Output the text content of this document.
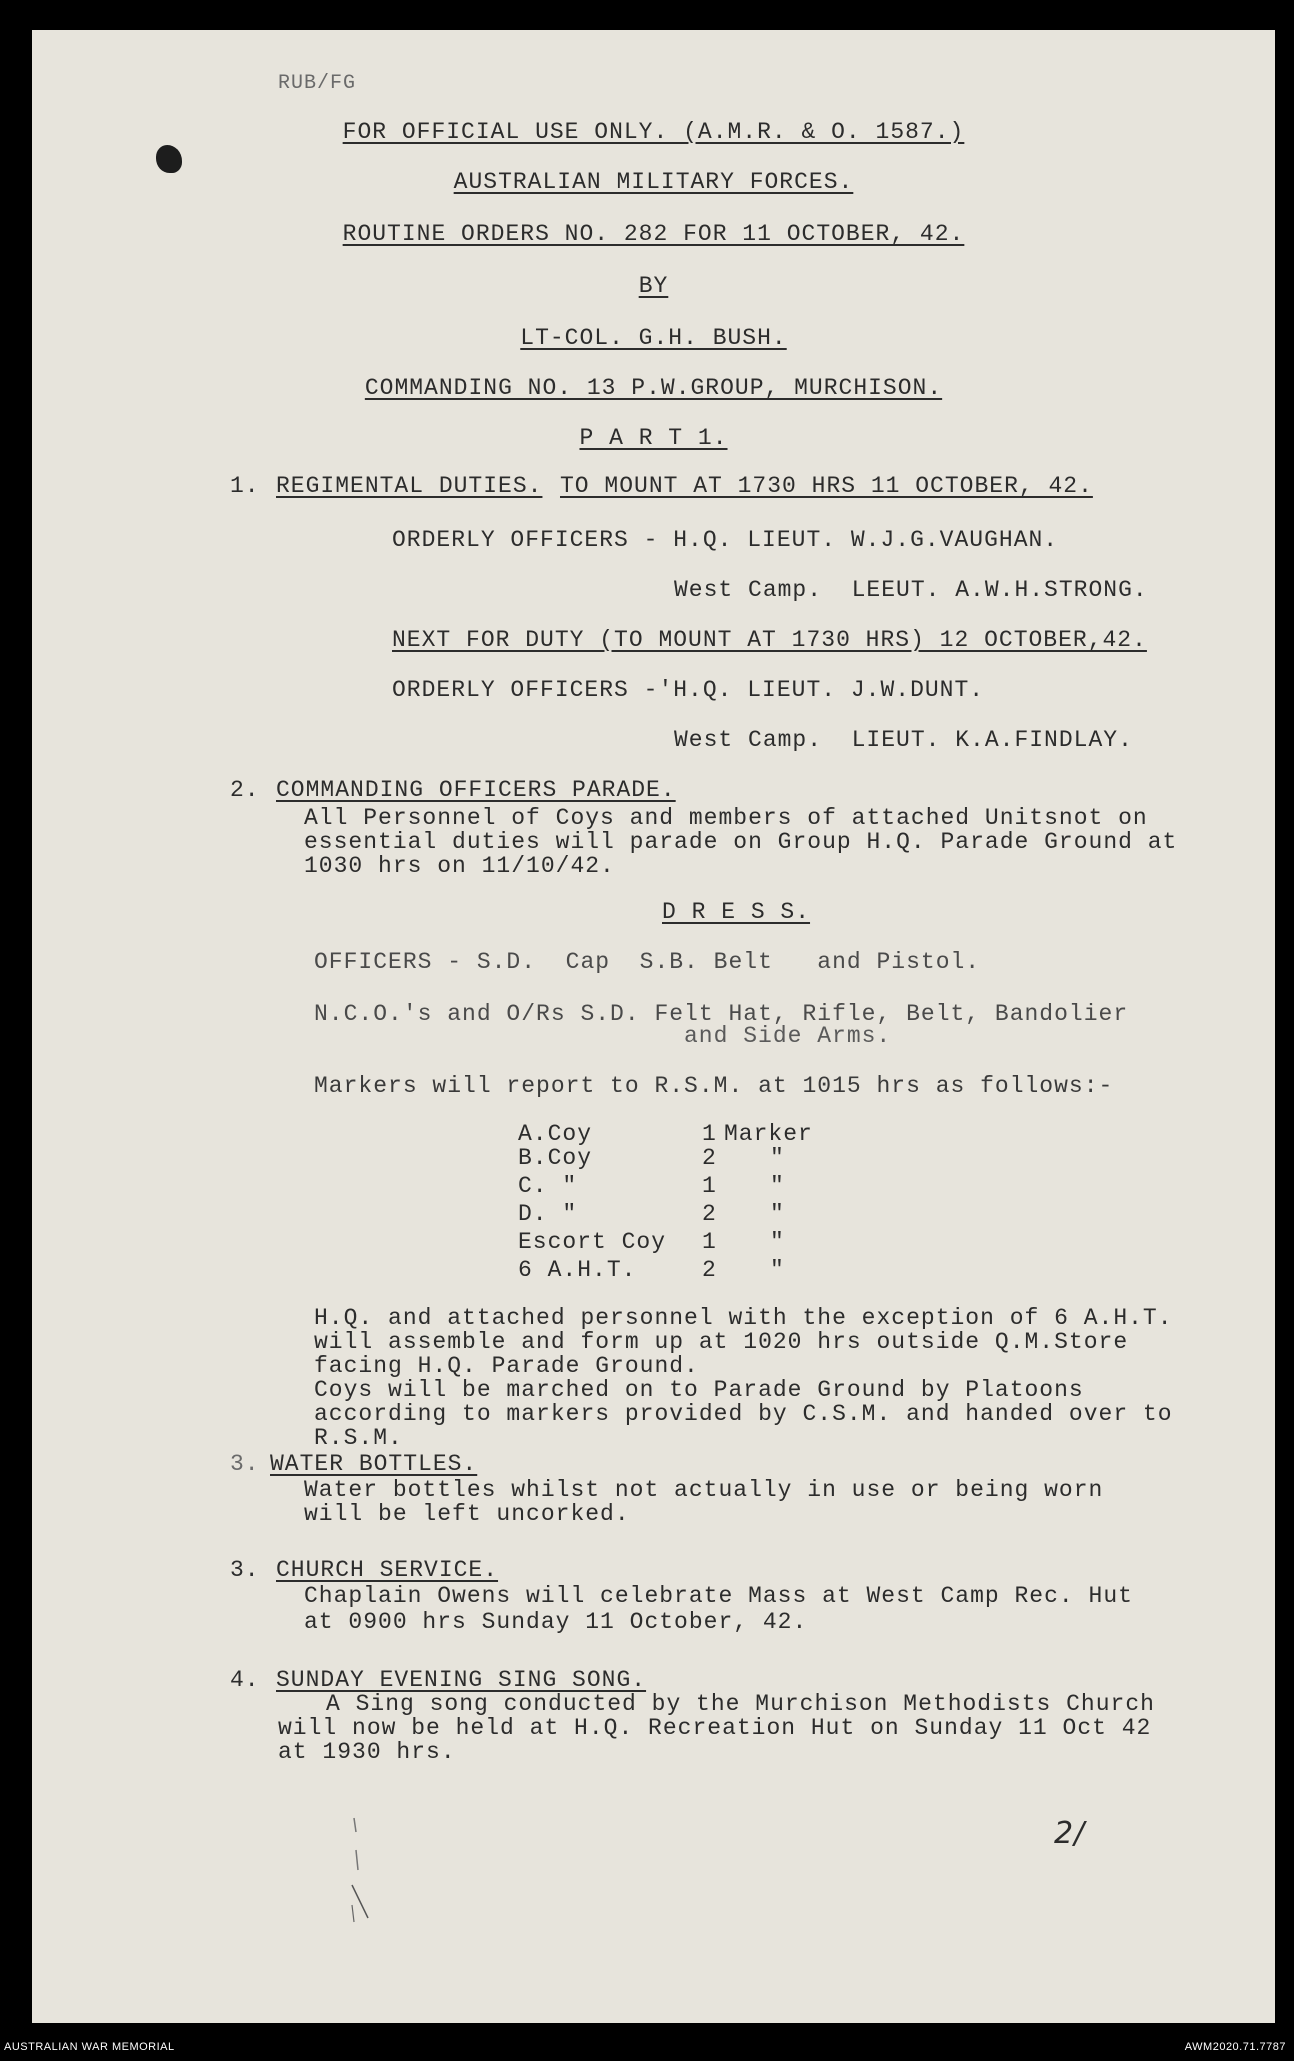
RUB/FG
FOR OFFICIAL USE ONLY. (A.M.R. & O. 1587.)
AUSTRALIAN MILITARY FORCES.
ROUTINE ORDERS NO. 282 FOR 11 OCTOBER, 42.
BY
LT-COL. G.H. BUSH.
COMMANDING NO. 13 P.W.GROUP, MURCHISON.
P A R T 1.
1. REGIMENTAL DUTIES. TO MOUNT AT 1730 HRS 11 OCTOBER, 42.
ORDERLY OFFICERS - H.Q. LIEUT. W.J.G.VAUGHAN.
West Camp.  LEEUT. A.W.H.STRONG.
NEXT FOR DUTY (TO MOUNT AT 1730 HRS) 12 OCTOBER,42.
ORDERLY OFFICERS -'H.Q. LIEUT. J.W.DUNT.
West Camp.  LIEUT. K.A.FINDLAY.
2. COMMANDING OFFICERS PARADE.
All Personnel of Coys and members of attached Unitsnot on
essential duties will parade on Group H.Q. Parade Ground at
1030 hrs on 11/10/42.
D R E S S.
OFFICERS - S.D.  Cap  S.B. Belt   and Pistol.
N.C.O.'s and O/Rs S.D. Felt Hat, Rifle, Belt, Bandolier
and Side Arms.
Markers will report to R.S.M. at 1015 hrs as follows:-
A.Coy	1 Marker
B.Coy	2 "
C. "	1 "
D. "	2 "
Escort Coy 1 "
6 A.H.T.	2 "
H.Q. and attached personnel with the exception of 6 A.H.T.
will assemble and form up at 1020 hrs outside Q.M.Store
facing H.Q. Parade Ground.
Coys will be marched on to Parade Ground by Platoons
according to markers provided by C.S.M. and handed over to
R.S.M.
3. WATER BOTTLES.
Water bottles whilst not actually in use or being worn
will be left uncorked.
3. CHURCH SERVICE.
Chaplain Owens will celebrate Mass at West Camp Rec. Hut
at 0900 hrs Sunday 11 October, 42.
4. SUNDAY EVENING SING SONG.
A Sing song conducted by the Murchison Methodists Church
will now be held at H.Q. Recreation Hut on Sunday 11 Oct 42
at 1930 hrs.
2/
AUSTRALIAN WAR MEMORIAL	AWM2020.71.7787
